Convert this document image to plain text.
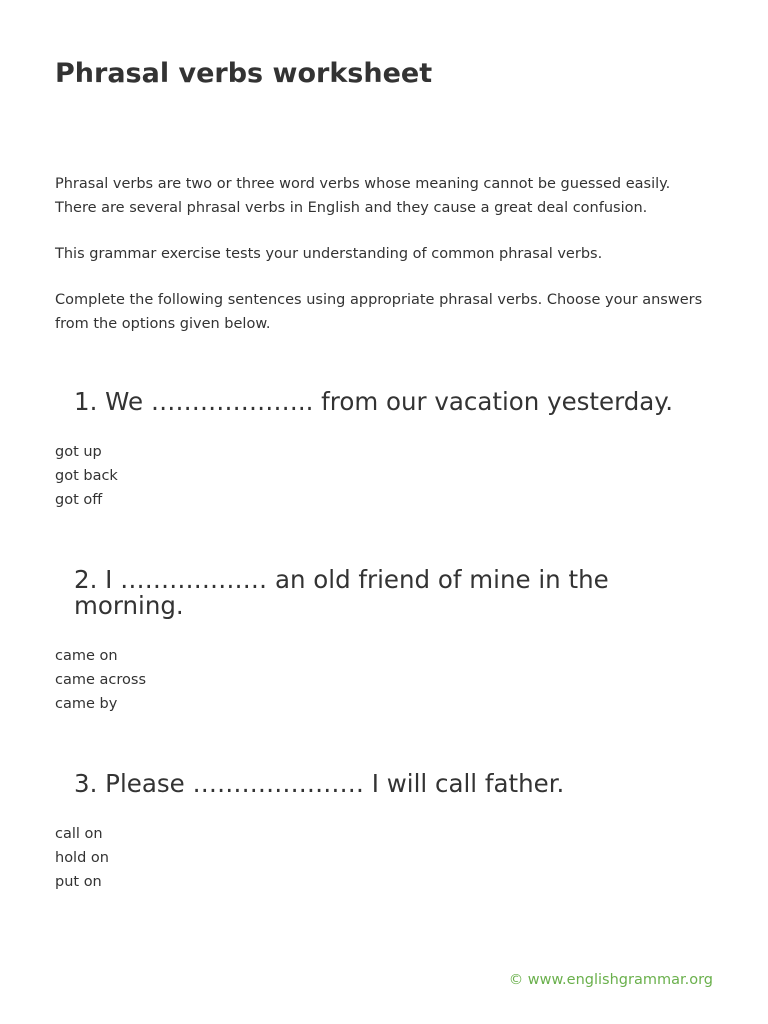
Phrasal verbs worksheet

Phrasal verbs are two or three word verbs whose meaning cannot be guessed easily. There are several phrasal verbs in English and they cause a great deal confusion.

This grammar exercise tests your understanding of common phrasal verbs.

Complete the following sentences using appropriate phrasal verbs. Choose your answers from the options given below.

1. We ……………….. from our vacation yesterday.
got up
got back
got off
2. I ……………… an old friend of mine in the morning.
came on
came across
came by
3. Please ………………… I will call father.
call on
hold on
put on
© www.englishgrammar.org
